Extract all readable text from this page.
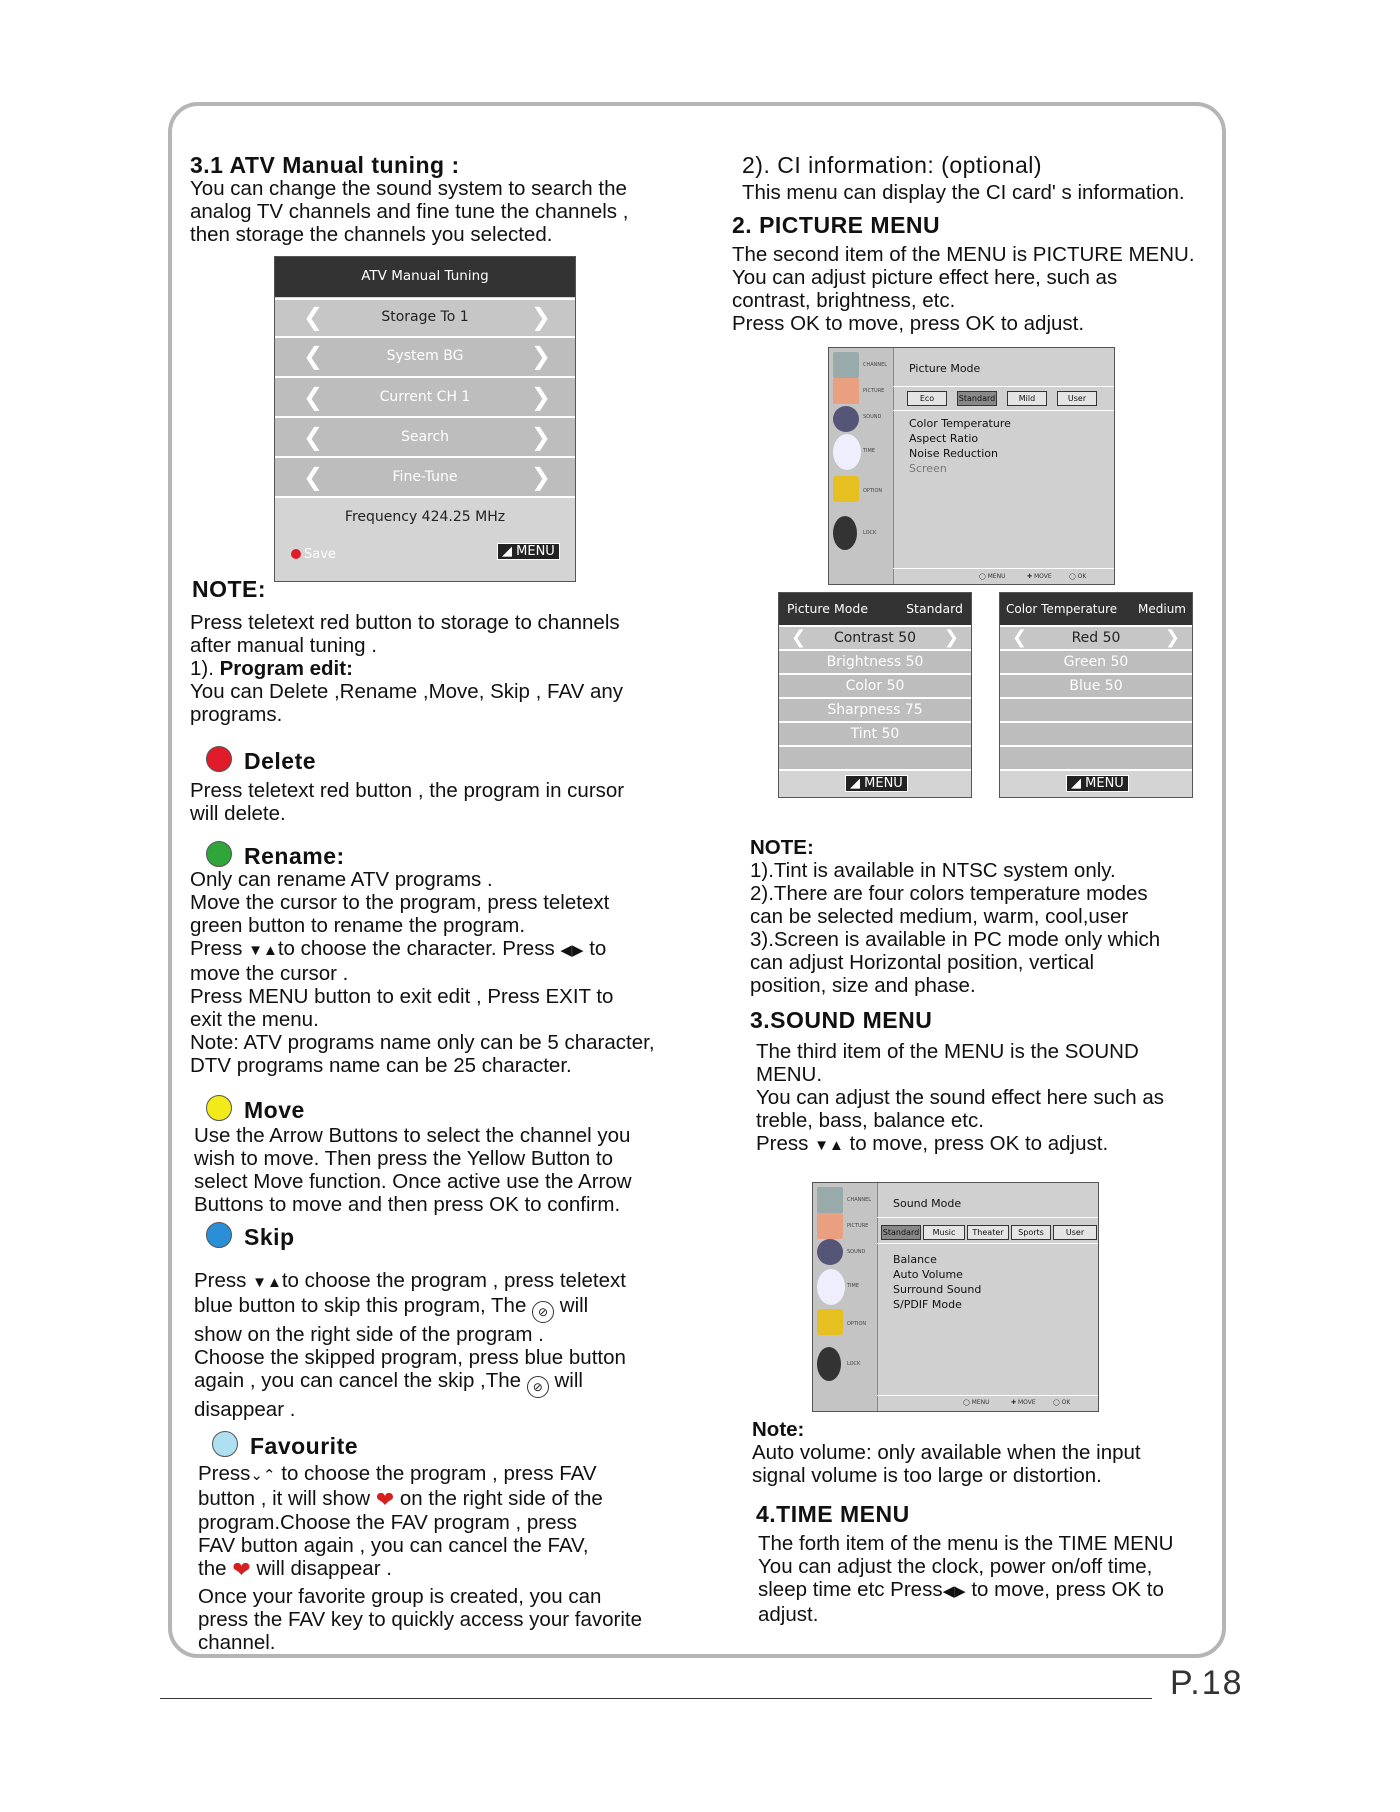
3.1 ATV Manual tuning :
You can change the sound system to search the
analog TV channels and fine tune the channels ,
then storage the channels you selected.
ATV Manual Tuning
❮	Storage To 1	❯
❮	System BG	❯
❮	Current CH 1	❯
❮	Search	❯
❮	Fine-Tune	❯
Frequency 424.25 MHz
Save	◢ MENU
NOTE:
Press teletext red button to storage to channels
after manual tuning .
1). Program edit:
You can Delete ,Rename ,Move, Skip , FAV any
programs.
Delete
Press teletext red button , the program in cursor
will delete.
Rename:
Only can rename ATV programs .
Move the cursor to the program, press teletext
green button to rename the program.
Press ▼▲to choose the character. Press ◀▶ to
move the cursor .
Press MENU button to exit edit , Press EXIT to
exit the menu.
Note: ATV programs name only can be 5 character,
DTV programs name can be 25 character.
Move
Use the Arrow Buttons to select the channel you
wish to move. Then press the Yellow Button to
select Move function. Once active use the Arrow
Buttons to move and then press OK to confirm.
Skip
Press ▼▲to choose the program , press teletext
blue button to skip this program, The ⊘ will
show on the right side of the program .
Choose the skipped program, press blue button
again , you can cancel the skip ,The ⊘ will
disappear .
Favourite
Press⌄⌃ to choose the program , press FAV
button , it will show ❤ on the right side of the
program.Choose the FAV program , press
FAV button again , you can cancel the FAV,
the ❤ will disappear .
Once your favorite group is created, you can
press the FAV key to quickly access your favorite
channel.
2). CI information: (optional)
This menu can display the CI card' s information.
2. PICTURE MENU
The second item of the MENU is PICTURE MENU.
You can adjust picture effect here, such as
contrast, brightness, etc.
Press OK to move, press OK to adjust.
CHANNEL
PICTURE
SOUND
TIME
OPTION
LOCK
Picture Mode
Eco	Standard	Mild	User
Color Temperature
Aspect Ratio
Noise Reduction
Screen
◯ MENU	✚ MOVE	◯ OK
Picture Mode	Standard
❮ Contrast 50 ❯
Brightness 50
Color 50
Sharpness 75
Tint 50
◢ MENU
Color Temperature Medium
❮	Red 50 ❯
Green 50
Blue 50
◢ MENU
NOTE:
1).Tint is available in NTSC system only.
2).There are four colors temperature modes
can be selected medium, warm, cool,user
3).Screen is available in PC mode only which
can adjust Horizontal position, vertical
position, size and phase.
3.SOUND MENU
The third item of the MENU is the SOUND
MENU.
You can adjust the sound effect here such as
treble, bass, balance etc.
Press ▼▲ to move, press OK to adjust.
CHANNEL
PICTURE
SOUND
TIME
OPTION
LOCK
Sound Mode
Standard	Music	Theater	Sports	User
Balance
Auto Volume
Surround Sound
S/PDIF Mode
◯ MENU	✚ MOVE	◯ OK
Note:
Auto volume: only available when the input
signal volume is too large or distortion.
4.TIME MENU
The forth item of the menu is the TIME MENU
You can adjust the clock, power on/off time,
sleep time etc Press◀▶ to move, press OK to
adjust.
P.18
